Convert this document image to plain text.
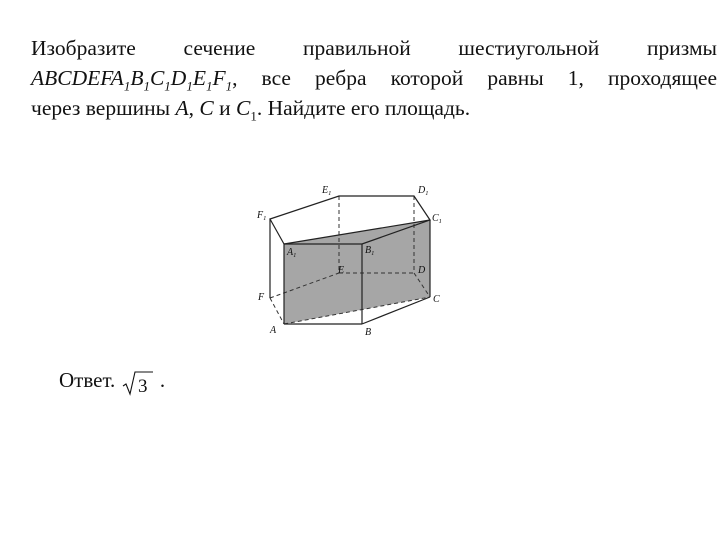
Изобразите сечение правильной шестиугольной призмы
$ABCDEFA_1B_1C_1D_1E_1F_1$, все ребра которой равны 1, проходящее
через вершины A, C и $C_1$. Найдите его площадь.
$E_1$	$D_1$
$F_1$	$C_1$
$A_1$	$B_1$
E	D
F	C
A	B
Ответ. 3 .
